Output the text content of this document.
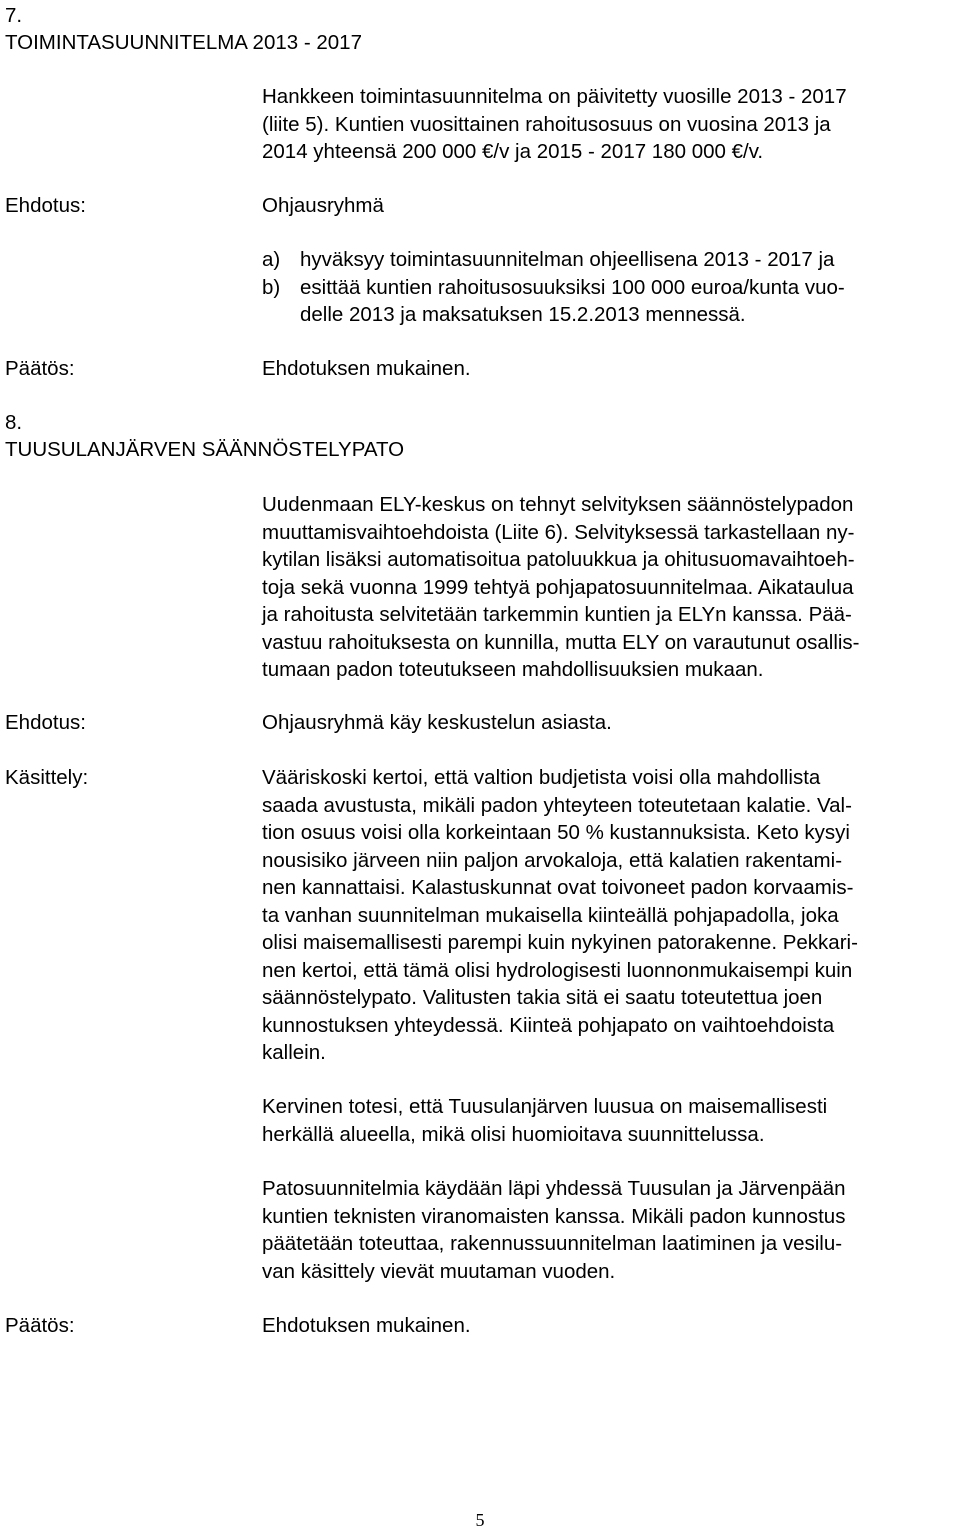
7.
TOIMINTASUUNNITELMA 2013 - 2017
Hankkeen toimintasuunnitelma on päivitetty vuosille 2013 - 2017
(liite 5). Kuntien vuosittainen rahoitusosuus on vuosina 2013 ja
2014 yhteensä 200 000 €/v ja 2015 - 2017 180 000 €/v.
Ehdotus:	Ohjausryhmä
a) hyväksyy toimintasuunnitelman ohjeellisena 2013 - 2017 ja
b) esittää kuntien rahoitusosuuksiksi 100 000 euroa/kunta vuo-
delle 2013 ja maksatuksen 15.2.2013 mennessä.
Päätös:	Ehdotuksen mukainen.
8.
TUUSULANJÄRVEN SÄÄNNÖSTELYPATO
Uudenmaan ELY-keskus on tehnyt selvityksen säännöstelypadon
muuttamisvaihtoehdoista (Liite 6). Selvityksessä tarkastellaan ny-
kytilan lisäksi automatisoitua patoluukkua ja ohitusuomavaihtoeh-
toja sekä vuonna 1999 tehtyä pohjapatosuunnitelmaa. Aikataulua
ja rahoitusta selvitetään tarkemmin kuntien ja ELYn kanssa. Pää-
vastuu rahoituksesta on kunnilla, mutta ELY on varautunut osallis-
tumaan padon toteutukseen mahdollisuuksien mukaan.
Ehdotus:	Ohjausryhmä käy keskustelun asiasta.
Käsittely:	Vääriskoski kertoi, että valtion budjetista voisi olla mahdollista
saada avustusta, mikäli padon yhteyteen toteutetaan kalatie. Val-
tion osuus voisi olla korkeintaan 50 % kustannuksista. Keto kysyi
nousisiko järveen niin paljon arvokaloja, että kalatien rakentami-
nen kannattaisi. Kalastuskunnat ovat toivoneet padon korvaamis-
ta vanhan suunnitelman mukaisella kiinteällä pohjapadolla, joka
olisi maisemallisesti parempi kuin nykyinen patorakenne. Pekkari-
nen kertoi, että tämä olisi hydrologisesti luonnonmukaisempi kuin
säännöstelypato. Valitusten takia sitä ei saatu toteutettua joen
kunnostuksen yhteydessä. Kiinteä pohjapato on vaihtoehdoista
kallein.
Kervinen totesi, että Tuusulanjärven luusua on maisemallisesti
herkällä alueella, mikä olisi huomioitava suunnittelussa.
Patosuunnitelmia käydään läpi yhdessä Tuusulan ja Järvenpään
kuntien teknisten viranomaisten kanssa. Mikäli padon kunnostus
päätetään toteuttaa, rakennussuunnitelman laatiminen ja vesilu-
van käsittely vievät muutaman vuoden.
Päätös:	Ehdotuksen mukainen.
5
